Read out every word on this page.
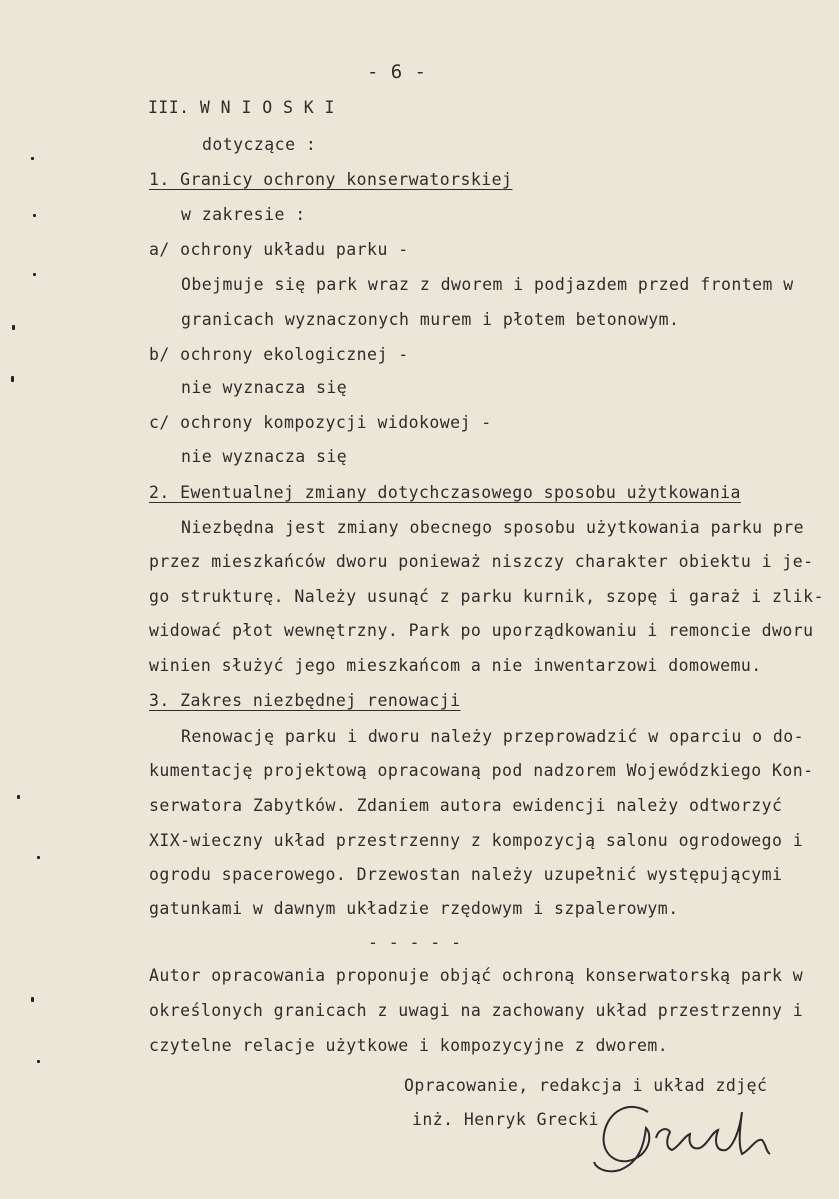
- 6 -
III. W N I O S K I
dotyczące :
1. Granicy ochrony konserwatorskiej
w zakresie :
a/ ochrony układu parku -
Obejmuje się park wraz z dworem i podjazdem przed frontem w
granicach wyznaczonych murem i płotem betonowym.
b/ ochrony ekologicznej -
nie wyznacza się
c/ ochrony kompozycji widokowej -
nie wyznacza się
2. Ewentualnej zmiany dotychczasowego sposobu użytkowania
Niezbędna jest zmiany obecnego sposobu użytkowania parku pre
przez mieszkańców dworu ponieważ niszczy charakter obiektu i je-
go strukturę. Należy usunąć z parku kurnik, szopę i garaż i zlik-
widować płot wewnętrzny. Park po uporządkowaniu i remoncie dworu
winien służyć jego mieszkańcom a nie inwentarzowi domowemu.
3. Zakres niezbędnej renowacji
Renowację parku i dworu należy przeprowadzić w oparciu o do-
kumentację projektową opracowaną pod nadzorem Wojewódzkiego Kon-
serwatora Zabytków. Zdaniem autora ewidencji należy odtworzyć
XIX-wieczny układ przestrzenny z kompozycją salonu ogrodowego i
ogrodu spacerowego. Drzewostan należy uzupełnić występującymi
gatunkami w dawnym układzie rzędowym i szpalerowym.
- - - - -
Autor opracowania proponuje objąć ochroną konserwatorską park w
określonych granicach z uwagi na zachowany układ przestrzenny i
czytelne relacje użytkowe i kompozycyjne z dworem.
Opracowanie, redakcja i układ zdjęć
inż. Henryk Grecki
